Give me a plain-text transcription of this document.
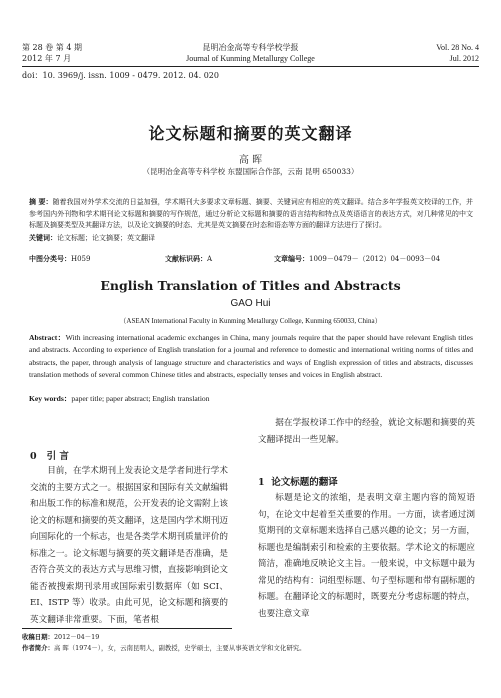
第 28 卷 第 4 期
2012 年 7 月
昆明冶金高等专科学校学报
Journal of Kunming Metallurgy College
Vol. 28 No. 4
Jul. 2012
doi：10. 3969/j. issn. 1009 - 0479. 2012. 04. 020
论文标题和摘要的英文翻译
高 晖
（昆明冶金高等专科学校 东盟国际合作部，云南 昆明 650033）
摘 要：随着我国对外学术交流的日益加强，学术期刊大多要求文章标题、摘要、关键词应有相应的英文翻译。结合多年学报英文校译的工作，并参考国内外刊物和学术期刊论文标题和摘要的写作规范，通过分析论文标题和摘要的语言结构和特点及英语语言的表达方式，对几种常见的中文标题及摘要类型及其翻译方法，以及论文摘要的时态、尤其是英文摘要在时态和语态等方面的翻译方法进行了探讨。
关键词：论文标题；论文摘要；英文翻译
中图分类号：H059	文献标识码：A	文章编号：1009－0479－（2012）04－0093－04
English Translation of Titles and Abstracts
GAO Hui
（ASEAN International Faculty in Kunming Metallurgy College, Kunming 650033, China）
Abstract：With increasing international academic exchanges in China, many journals require that the paper should have relevant English titles and abstracts. According to experience of English translation for a journal and reference to domestic and international writing norms of titles and abstracts, the paper, through analysis of language structure and characteristics and ways of English expression of titles and abstracts, discusses translation methods of several common Chinese titles and abstracts, especially tenses and voices in English abstract.
Key words：paper title; paper abstract; English translation
0 引 言

目前，在学术期刊上发表论文是学者间进行学术交流的主要方式之一。根据国家和国际有关文献编辑和出版工作的标准和规范，公开发表的论文需附上该论文的标题和摘要的英文翻译，这是国内学术期刊迈向国际化的一个标志，也是各类学术期刊质量评价的标准之一。论文标题与摘要的英文翻译是否准确，是否符合英文的表达方式与思维习惯，直接影响到论文能否被搜索期刊录用或国际索引数据库（如 SCI、EI、ISTP 等）收录。由此可见，论文标题和摘要的英文翻译非常重要。下面，笔者根

据在学报校译工作中的经验，就论文标题和摘要的英文翻译提出一些见解。

1 论文标题的翻译

标题是论文的浓缩，是表明文章主题内容的简短语句，在论文中起着至关重要的作用。一方面，读者通过浏览期刊的文章标题来选择自己感兴趣的论文；另一方面，标题也是编制索引和检索的主要依据。学术论文的标题应简洁，准确地反映论文主旨。一般来说，中文标题中最为常见的结构有：词组型标题、句子型标题和带有副标题的标题。在翻译论文的标题时，既要充分考虑标题的特点，也要注意文章

收稿日期：2012－04－19
作者简介：高 晖（1974－），女，云南昆明人，副教授，史学硕士，主要从事英语文学和文化研究。
